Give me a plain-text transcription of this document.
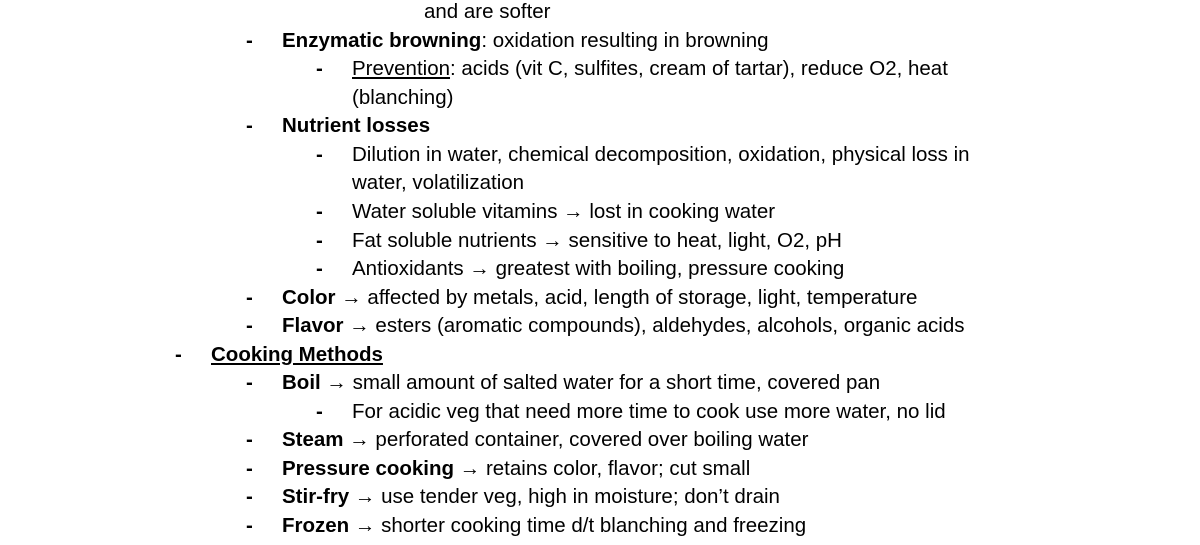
and are softer
- Enzymatic browning: oxidation resulting in browning
- Prevention: acids (vit C, sulfites, cream of tartar), reduce O2, heat
(blanching)
- Nutrient losses
- Dilution in water, chemical decomposition, oxidation, physical loss in
water, volatilization
- Water soluble vitamins → lost in cooking water
- Fat soluble nutrients → sensitive to heat, light, O2, pH
- Antioxidants → greatest with boiling, pressure cooking
- Color → affected by metals, acid, length of storage, light, temperature
- Flavor → esters (aromatic compounds), aldehydes, alcohols, organic acids
- Cooking Methods
- Boil → small amount of salted water for a short time, covered pan
- For acidic veg that need more time to cook use more water, no lid
- Steam → perforated container, covered over boiling water
- Pressure cooking → retains color, flavor; cut small
- Stir-fry → use tender veg, high in moisture; don’t drain
- Frozen → shorter cooking time d/t blanching and freezing
